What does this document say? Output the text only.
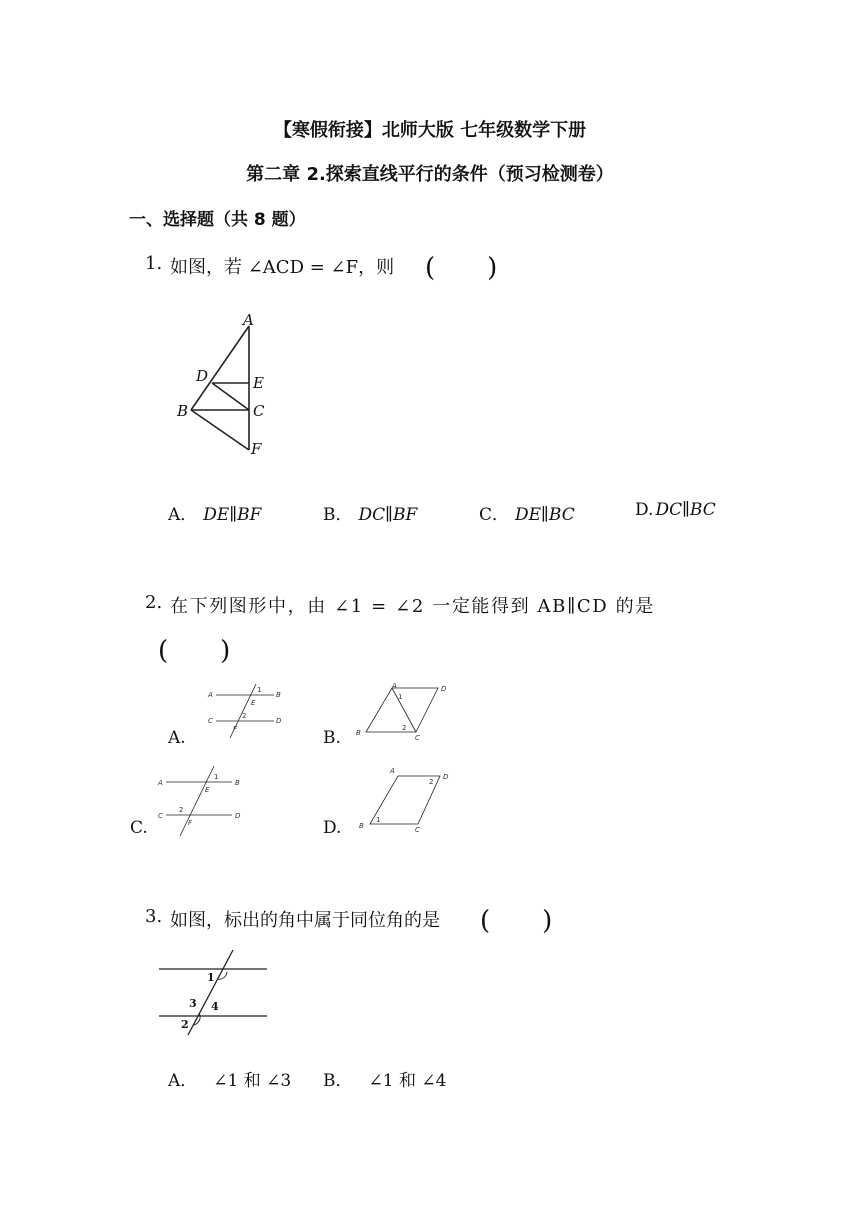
【寒假衔接】北师大版 七年级数学下册
第二章 2.探索直线平行的条件（预习检测卷）
一、选择题（共 8 题）
1. 如图，若 ∠ACD = ∠F，则 (　　)
A
D	E
B	C
F
A． DE∥BF	B． DC∥BF	C． DE∥BC	D. DC∥BC
2. 在下列图形中，由 ∠1 = ∠2 一定能得到 AB∥CD 的是
(　　)
A.
A	B
C	D
E
F
1
2
B.
A	D
B
C
1
2
C.
A	B
C	D
E
F
1
2
D.
A
D
B	C
1
2
3. 如图，标出的角中属于同位角的是 (　　)
1
3 4
2
A． ∠1 和 ∠3 B． ∠1 和 ∠4
